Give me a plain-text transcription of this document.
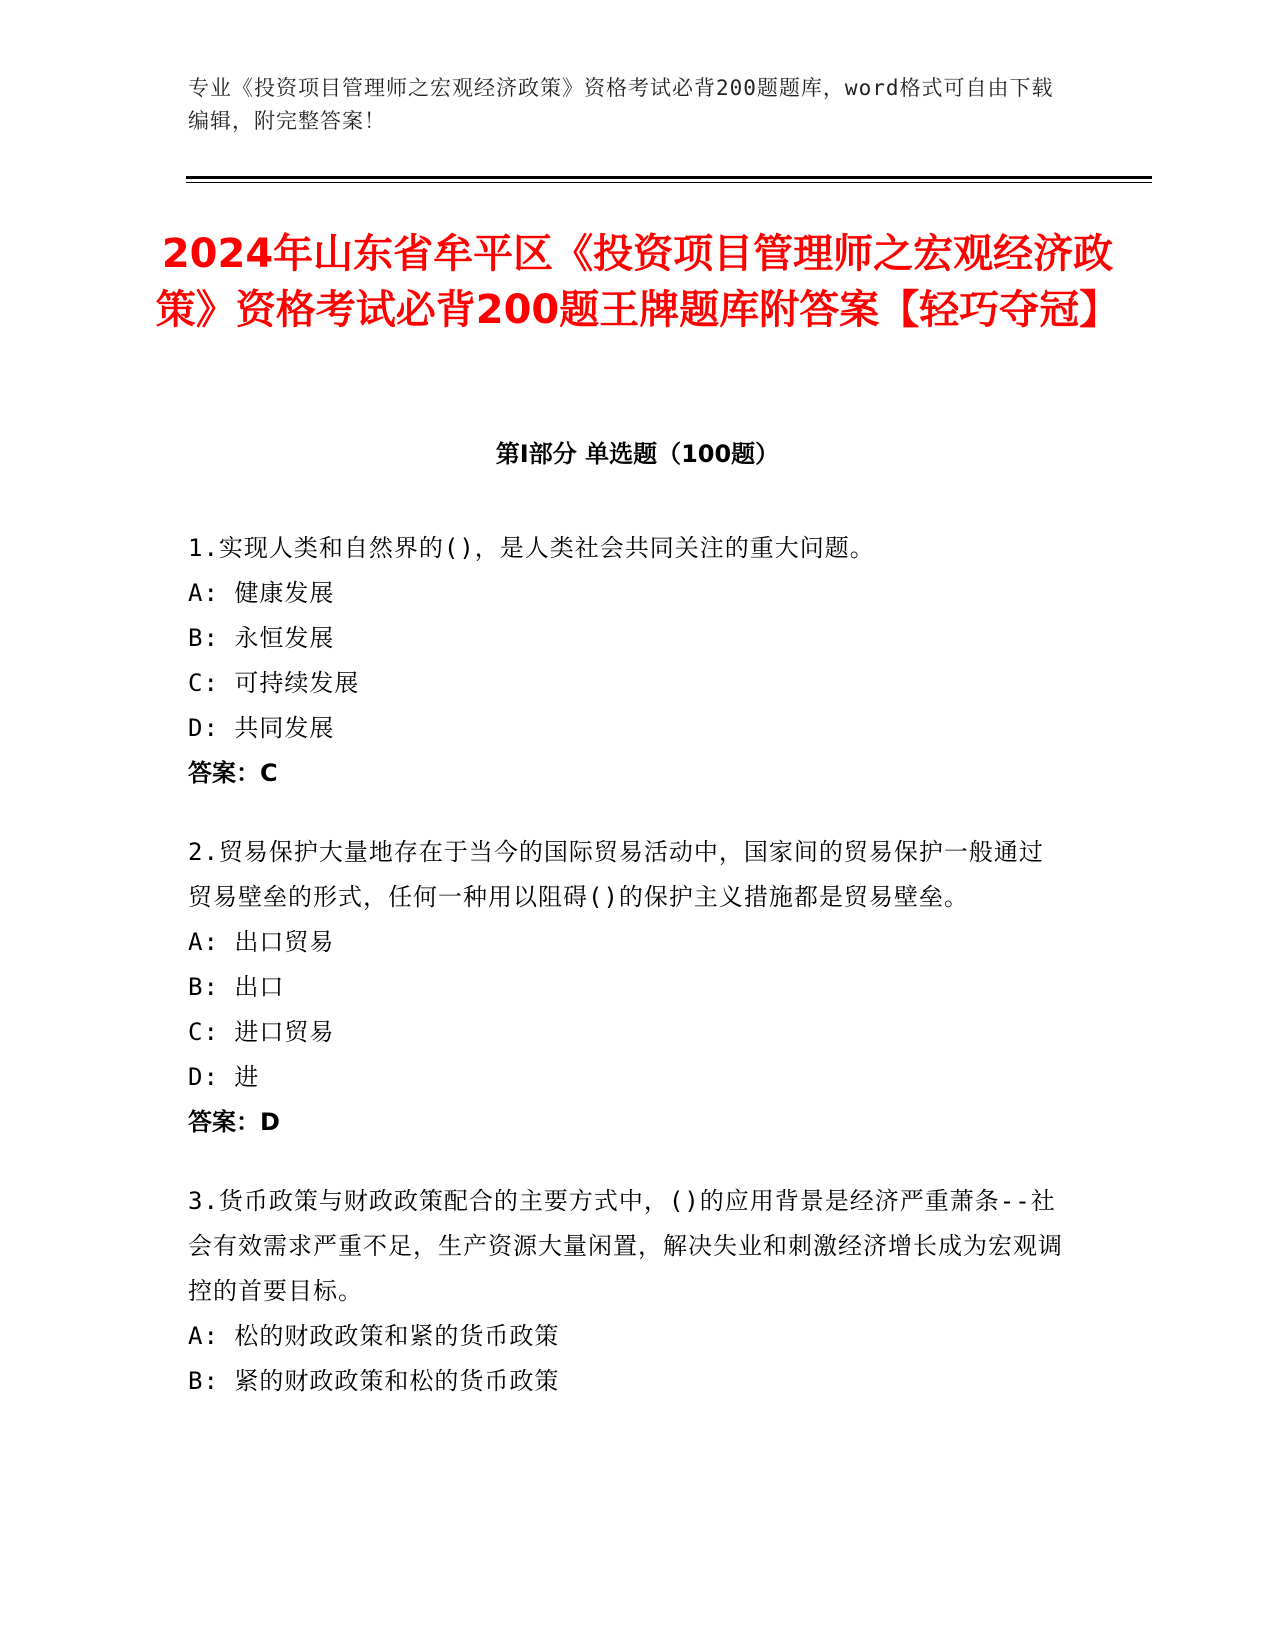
专业《投资项目管理师之宏观经济政策》资格考试必背200题题库，word格式可自由下载编辑，附完整答案！
2024年山东省牟平区《投资项目管理师之宏观经济政策》资格考试必背200题王牌题库附答案【轻巧夺冠】
第Ⅰ部分 单选题（100题）

1.实现人类和自然界的()，是人类社会共同关注的重大问题。

A: 健康发展

B: 永恒发展

C: 可持续发展

D: 共同发展

答案：C

2.贸易保护大量地存在于当今的国际贸易活动中，国家间的贸易保护一般通过贸易壁垒的形式，任何一种用以阻碍()的保护主义措施都是贸易壁垒。

A: 出口贸易

B: 出口

C: 进口贸易

D: 进

答案：D

3.货币政策与财政政策配合的主要方式中，()的应用背景是经济严重萧条--社会有效需求严重不足，生产资源大量闲置，解决失业和刺激经济增长成为宏观调控的首要目标。

A: 松的财政政策和紧的货币政策

B: 紧的财政政策和松的货币政策
